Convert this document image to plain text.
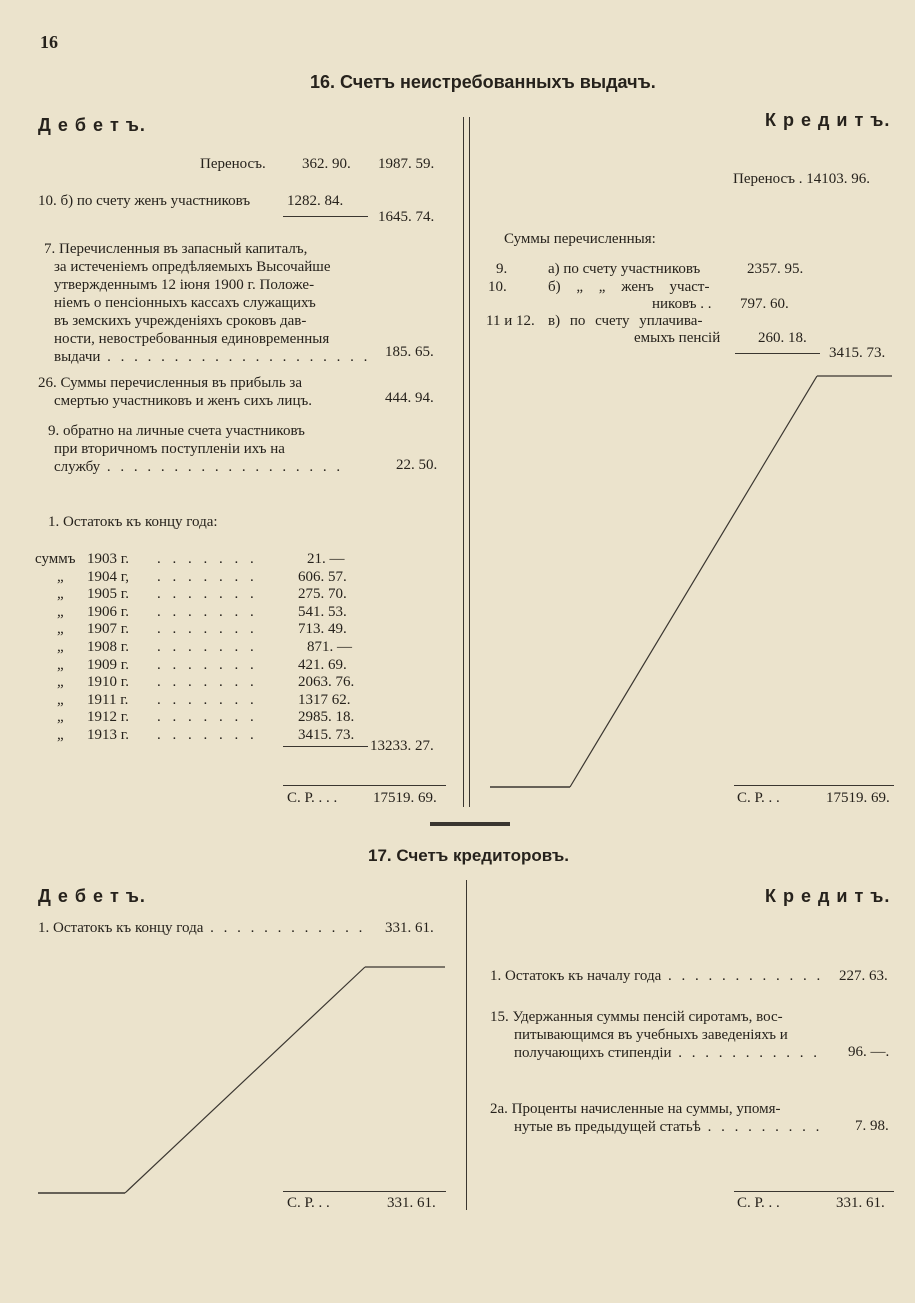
16
16. Счетъ неистребованныхъ выдачъ.
Д е б е т ъ.	К р е д и т ъ.
Переносъ. 362. 90. 1987. 59.
10. б) по счету женъ участниковъ 1282. 84.
1645. 74.
7. Перечисленныя въ запасный капиталъ,
за истеченіемъ опредѣляемыхъ Высочайше
утвержденнымъ 12 іюня 1900 г. Положе-
ніемъ о пенсіонныхъ кассахъ служащихъ
въ земскихъ учрежденіяхъ сроковъ дав-
ности, невостребованныя единовременныя
выдачи . . .	185. 65.
26. Суммы перечисленныя въ прибыль за
смертью участниковъ и женъ сихъ лицъ.	444. 94.
9. обратно на личные счета участниковъ
при вторичномъ поступленіи ихъ на
службу . . .	22. 50.
1. Остатокъ къ концу года:
суммъ 1903 г. . . . . . . .	21. —
„ 1904 г, . . . . . . .	606. 57.
„ 1905 г. . . . . . . .	275. 70.
„ 1906 г. . . . . . . .	541. 53.
„ 1907 г. . . . . . . .	713. 49.
„ 1908 г. . . . . . . .	871. —
„ 1909 г. . . . . . . .	421. 69.
„ 1910 г. . . . . . . .	2063. 76.
„ 1911 г. . . . . . . .	1317 62.
„ 1912 г. . . . . . . .	2985. 18.
„ 1913 г. . . . . . . .	3415. 73.
13233. 27.
С. Р. . . . 17519. 69.
Переносъ . 14103. 96.
Суммы перечисленныя:
9.	а) по счету участниковъ	2357. 95.
10.	б) „ „ женъ участ-
никовъ . . 797. 60.
11 и 12. в) по счету уплачива-
емыхъ пенсій	260. 18.
3415. 73.
С. Р. . .	17519. 69.
17. Счетъ кредиторовъ.
Д е б е т ъ.	К р е д и т ъ.
1. Остатокъ къ концу года . . .	331. 61.
С. Р. . .	331. 61.
1. Остатокъ къ началу года . . .	227. 63.
15. Удержанныя суммы пенсій сиротамъ, вос-
питывающимся въ учебныхъ заведеніяхъ и
получающихъ стипендіи . . .	96. —.
2а. Проценты начисленные на суммы, упомя-
нутые въ предыдущей статьѣ . . .	7. 98.
С. Р. . .	331. 61.
